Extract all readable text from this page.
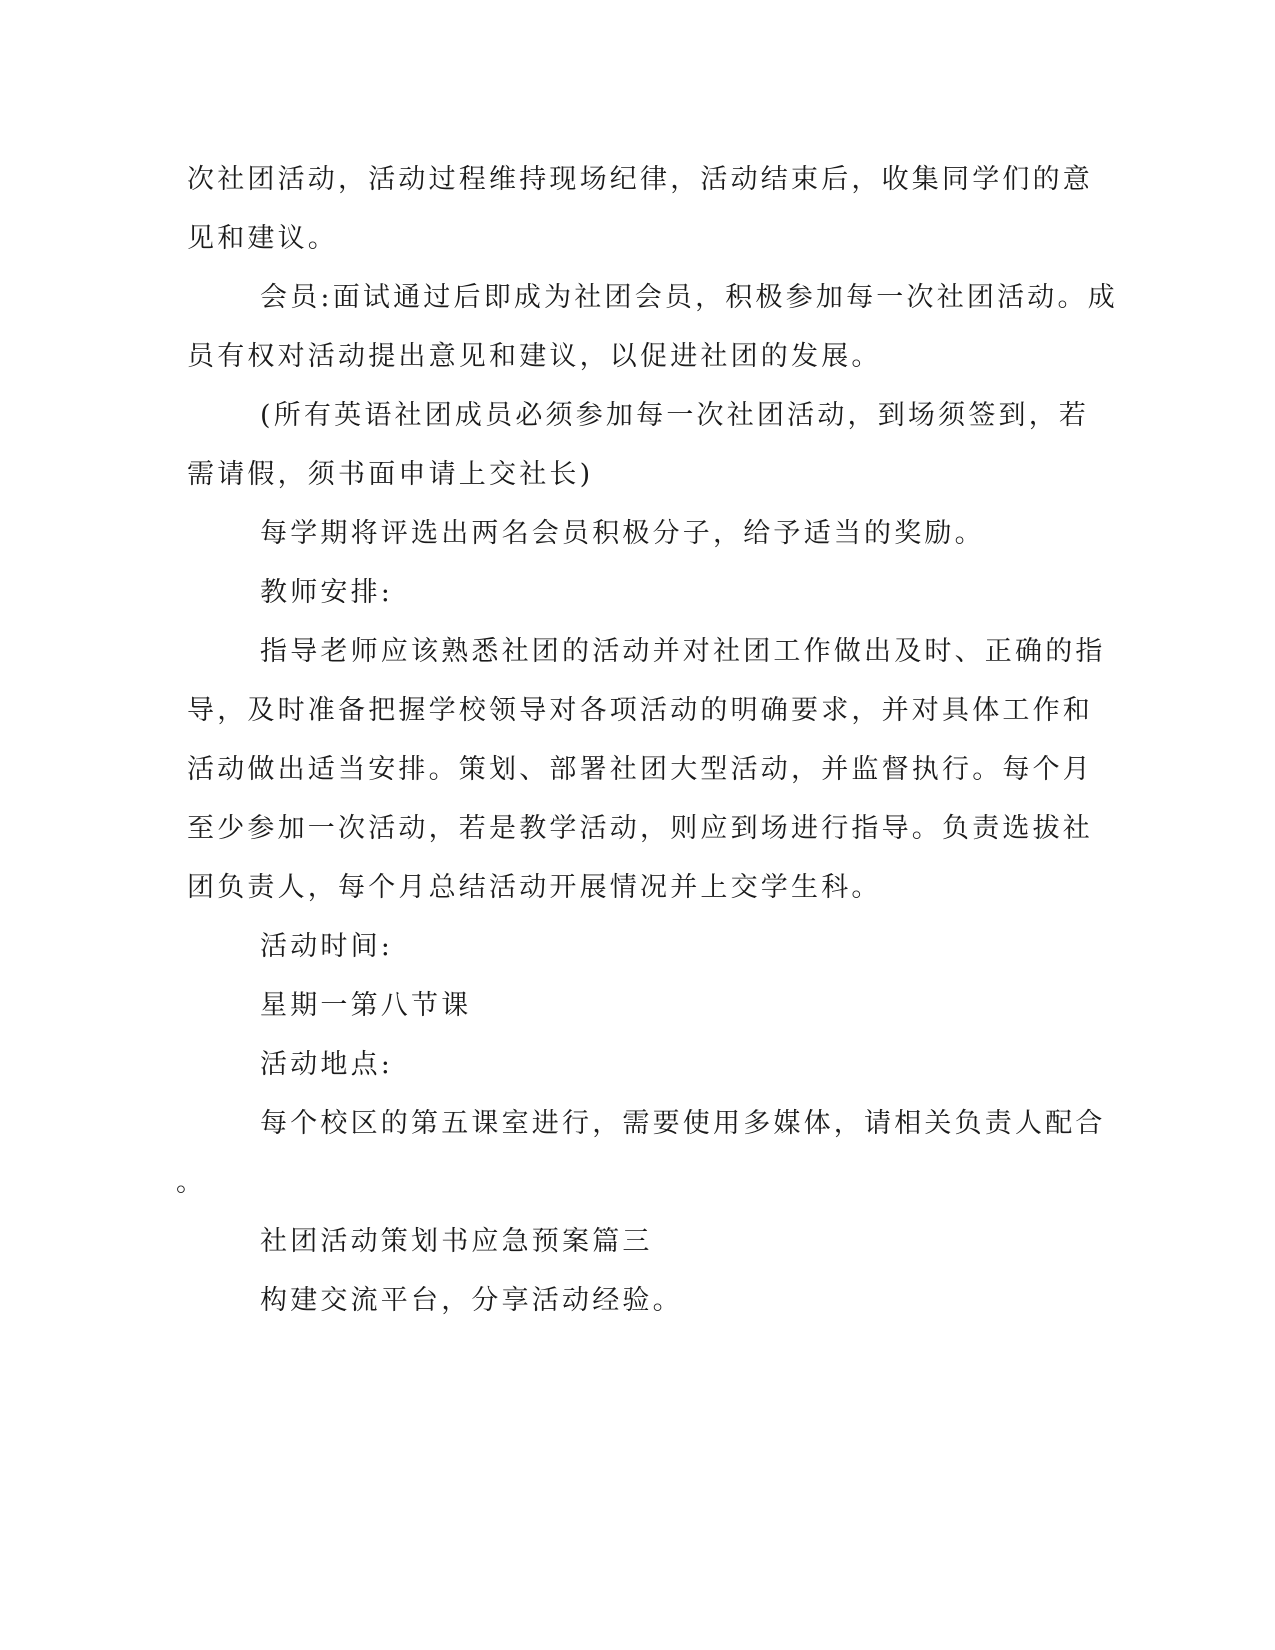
次社团活动，活动过程维持现场纪律，活动结束后，收集同学们的意
见和建议。
会员:面试通过后即成为社团会员，积极参加每一次社团活动。成
员有权对活动提出意见和建议，以促进社团的发展。
(所有英语社团成员必须参加每一次社团活动，到场须签到，若
需请假，须书面申请上交社长)
每学期将评选出两名会员积极分子，给予适当的奖励。
教师安排:
指导老师应该熟悉社团的活动并对社团工作做出及时、正确的指
导，及时准备把握学校领导对各项活动的明确要求，并对具体工作和
活动做出适当安排。策划、部署社团大型活动，并监督执行。每个月
至少参加一次活动，若是教学活动，则应到场进行指导。负责选拔社
团负责人，每个月总结活动开展情况并上交学生科。
活动时间:
星期一第八节课
活动地点:
每个校区的第五课室进行，需要使用多媒体，请相关负责人配合
。
社团活动策划书应急预案篇三
构建交流平台，分享活动经验。
